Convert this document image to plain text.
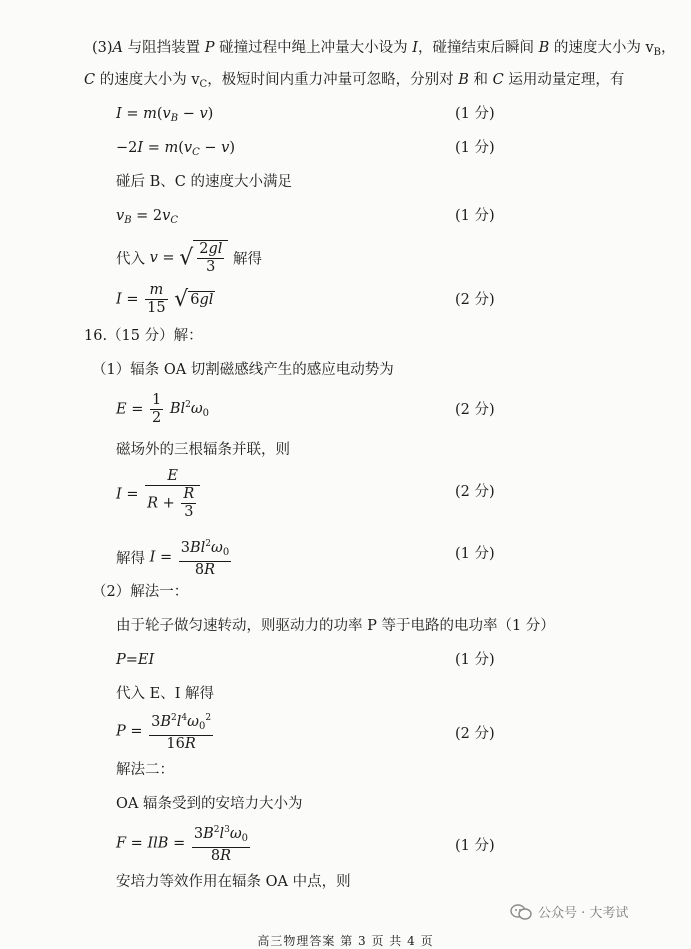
(3)A 与阻挡装置 P 碰撞过程中绳上冲量大小设为 I，碰撞结束后瞬间 B 的速度大小为 $v_B$，
C 的速度大小为 $v_C$，极短时间内重力冲量可忽略，分别对 B 和 C 运用动量定理，有
$I = m(v_B - v)$	(1 分)
$-2I = m(v_C - v)$	(1 分)
碰后 B、C 的速度大小满足
$v_B = 2v_C$	(1 分)
代入 v = √ $\frac{2gl}{3}$ 解得
$I = \frac{m}{15}$ √ 6gl	(2 分)
16.（15 分）解：
（1）辐条 OA 切割磁感线产生的感应电动势为
$E = \frac{1}{2} Bl^2\omega_0$	(2 分)
磁场外的三根辐条并联，则
$I = \frac{E}{R + \frac{R}{3}}$	(2 分)
解得 $I = \frac{3Bl^2\omega_0}{8R}$	(1 分)
（2）解法一：
由于轮子做匀速转动，则驱动力的功率 P 等于电路的电功率（1 分）
P=EI	(1 分)
代入 E、I 解得
$P = \frac{3B^2l^4\omega_0^2}{16R}$	(2 分)
解法二：
OA 辐条受到的安培力大小为
F = IlB = $\frac{3B^2l^3\omega_0}{8R}$	(1 分)
安培力等效作用在辐条 OA 中点，则
公众号 · 大考试
高三物理答案 第 3 页 共 4 页
